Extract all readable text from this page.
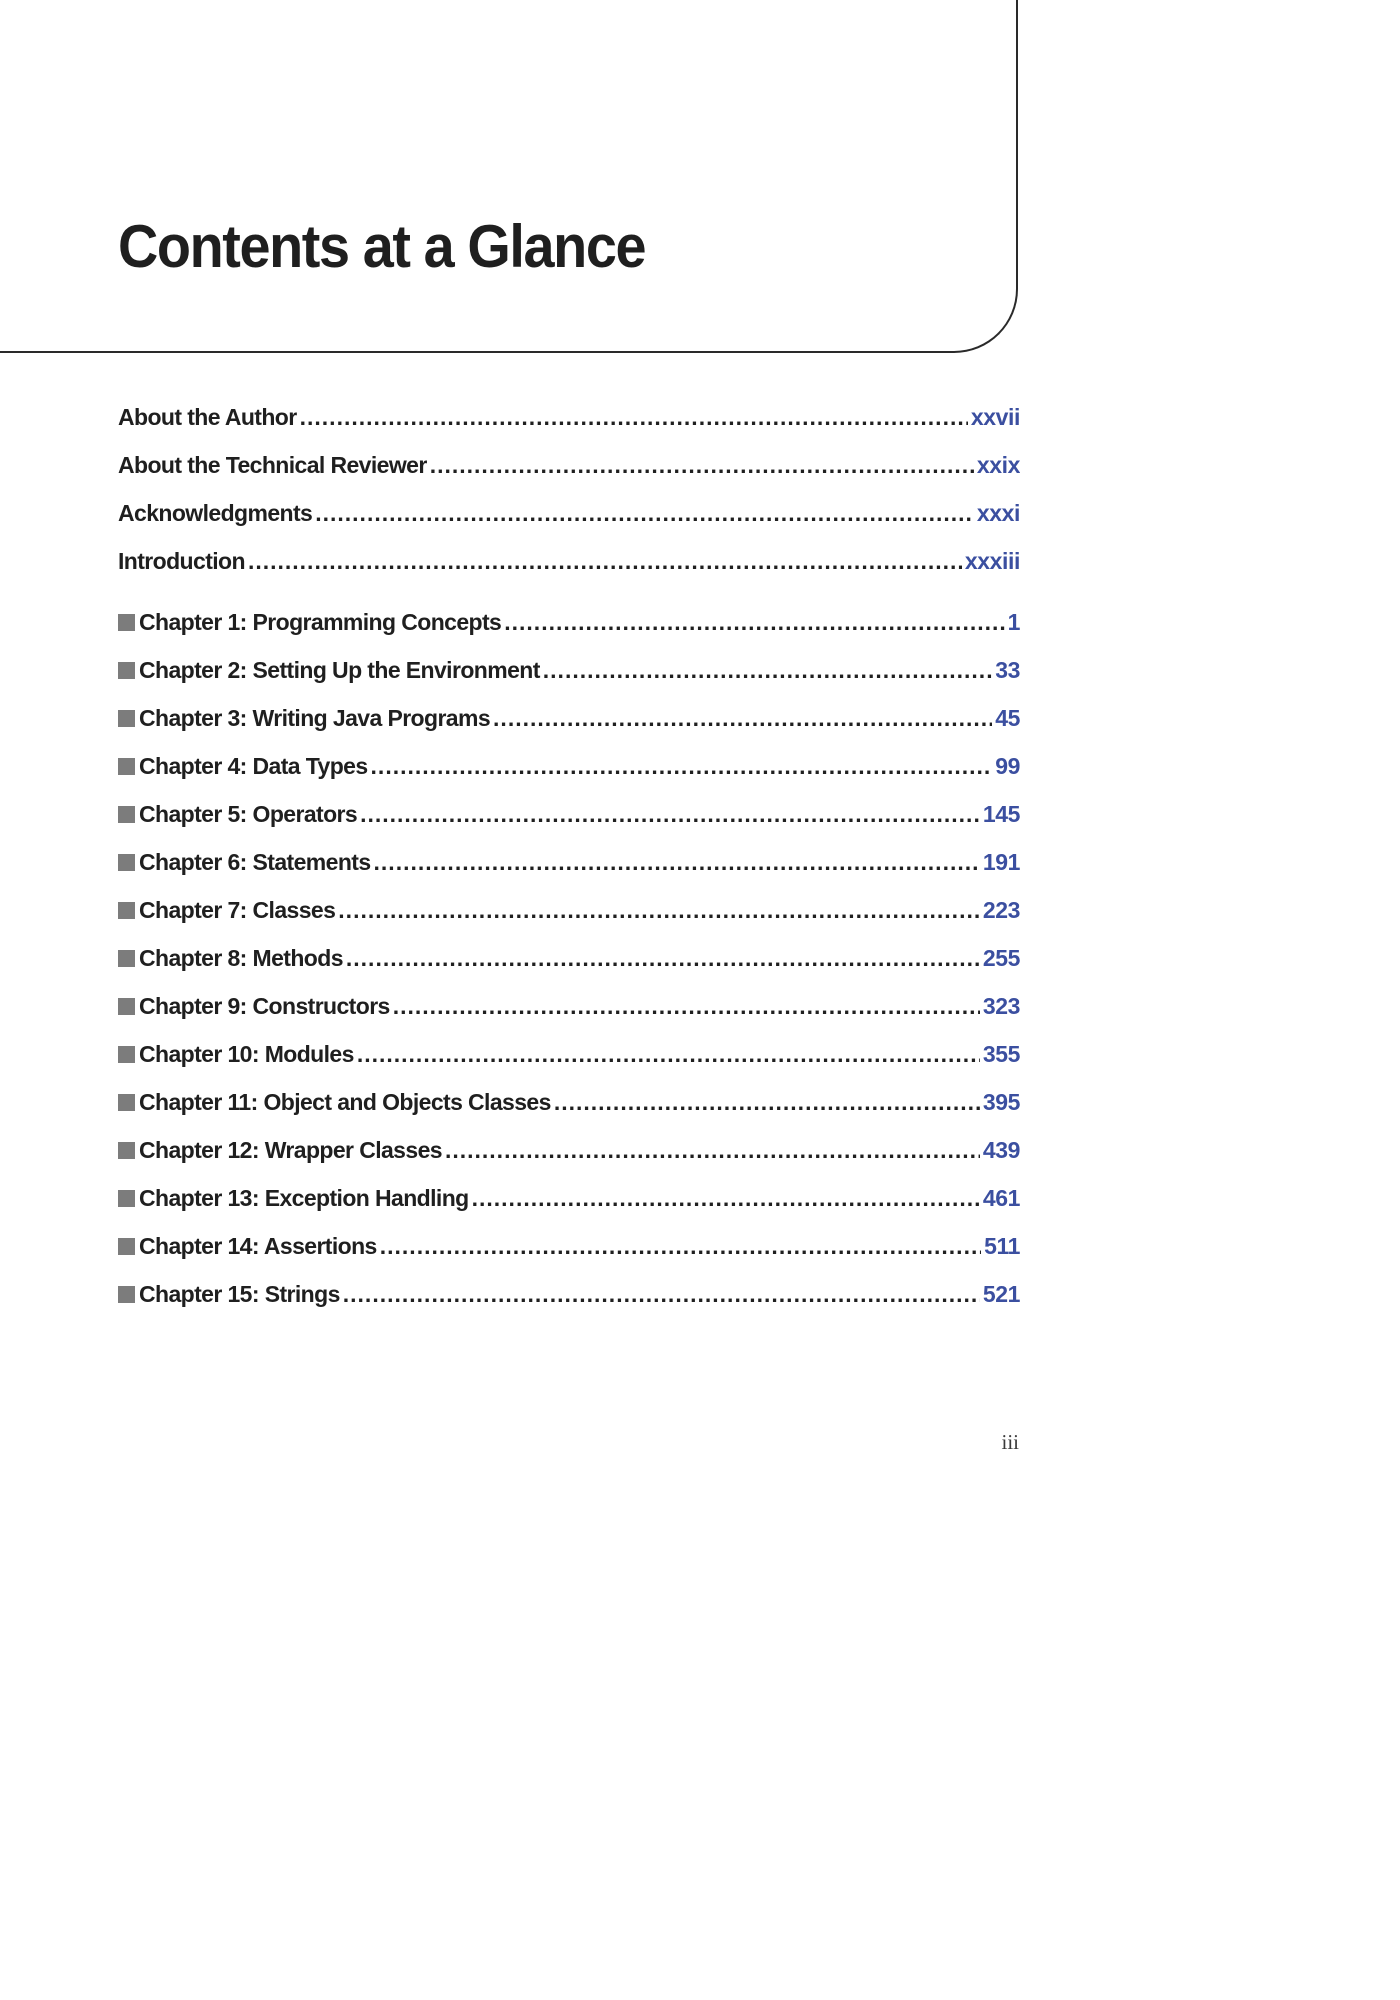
Contents at a Glance
About the Author .....	xxvii
About the Technical Reviewer .....	xxix
Acknowledgments .....	xxxi
Introduction .....	xxxiii
Chapter 1: Programming Concepts .....	1
Chapter 2: Setting Up the Environment .....	33
Chapter 3: Writing Java Programs .....	45
Chapter 4: Data Types .....	99
Chapter 5: Operators .....	145
Chapter 6: Statements .....	191
Chapter 7: Classes .....	223
Chapter 8: Methods .....	255
Chapter 9: Constructors .....	323
Chapter 10: Modules .....	355
Chapter 11: Object and Objects Classes .....	395
Chapter 12: Wrapper Classes .....	439
Chapter 13: Exception Handling .....	461
Chapter 14: Assertions .....	511
Chapter 15: Strings .....	521
iii
